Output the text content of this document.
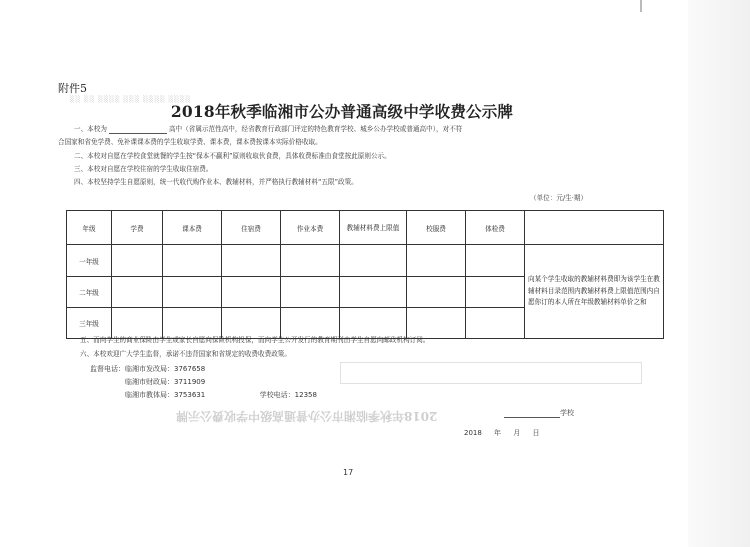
░░ ░░ ░░░░ ░░░ ░░░░ ░░░░
附件5
2018年秋季临湘市公办普通高级中学收费公示牌
一、本校为	高中（省属示范性高中，经省教育行政部门评定的特色教育学校、城乡公办学校或普通高中），对不符
合国家和省免学费、免补课课本费的学生收取学费、课本费，课本费按课本实际价格收取。
二、本校对自愿在学校食堂就餐的学生按“保本不赢利”原则收取伙食费，具体收费标准由食堂按此原则公示。
三、本校对自愿在学校住宿的学生收取住宿费。
四、本校坚持学生自愿原则，统一代收代购作业本、教辅材料，并严格执行教辅材料“五限”政策。
（单位：元/生·期）
年级	学费	课本费	住宿费	作业本费	教辅材料费上限值	校服费	体检费	
一年级								向某个学生收取的教辅材料费即为该学生在教辅材料目录范围内教辅材料费上限值范围内自愿你订的本人所在年级教辅材料单价之和
二年级								
三年级								
五、而向学生的商业保险由学生或家长自愿向保险机构投保，而向学生公开发行的教育期刊由学生自愿向邮政机构订阅。
六、本校欢迎广大学生监督，承诺不违背国家和省规定的收费收费政策。
监督电话：临湘市发改局：3767658
临湘市财政局：3711909
临湘市教体局：3753631	学校电话：12358
2018年秋季临湘市公办普通高级中学收费公示牌	学校
2018 年 月 日
17
